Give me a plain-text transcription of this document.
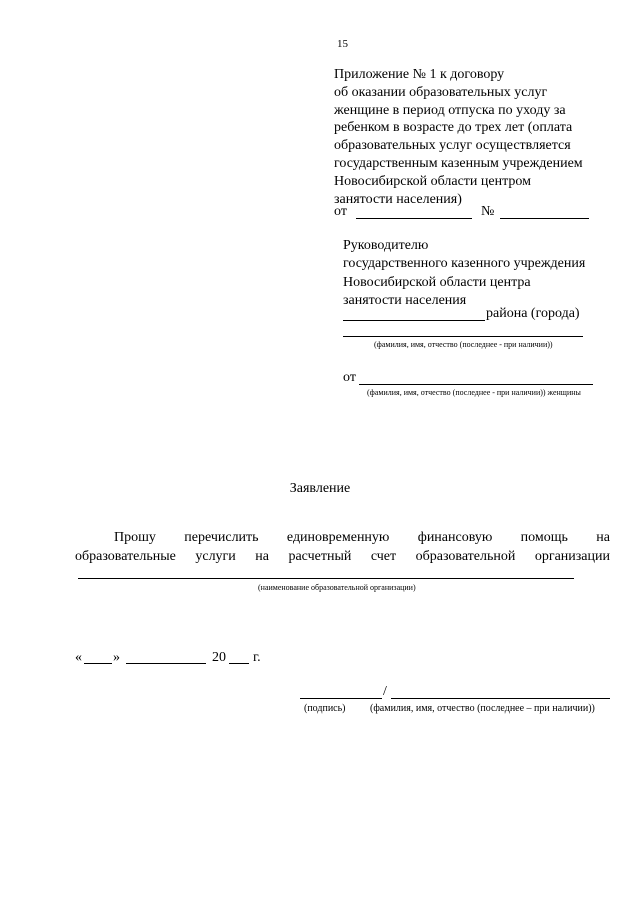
15
Приложение № 1 к договору
об оказании образовательных услуг
женщине в период отпуска по уходу за
ребенком в возрасте до трех лет (оплата
образовательных услуг осуществляется
государственным казенным учреждением
Новосибирской области центром
занятости населения)
от	№
Руководителю
государственного казенного учреждения
Новосибирской области центра
занятости населения
района (города)
(фамилия, имя, отчество (последнее - при наличии))
от
(фамилия, имя, отчество (последнее - при наличии)) женщины
Заявление
Прошу перечислить единовременную финансовую помощь на
образовательные услуги на расчетный счет образовательной организации
(наименование образовательной организации)
« »	20 г.
/
(подпись) (фамилия, имя, отчество (последнее – при наличии))
